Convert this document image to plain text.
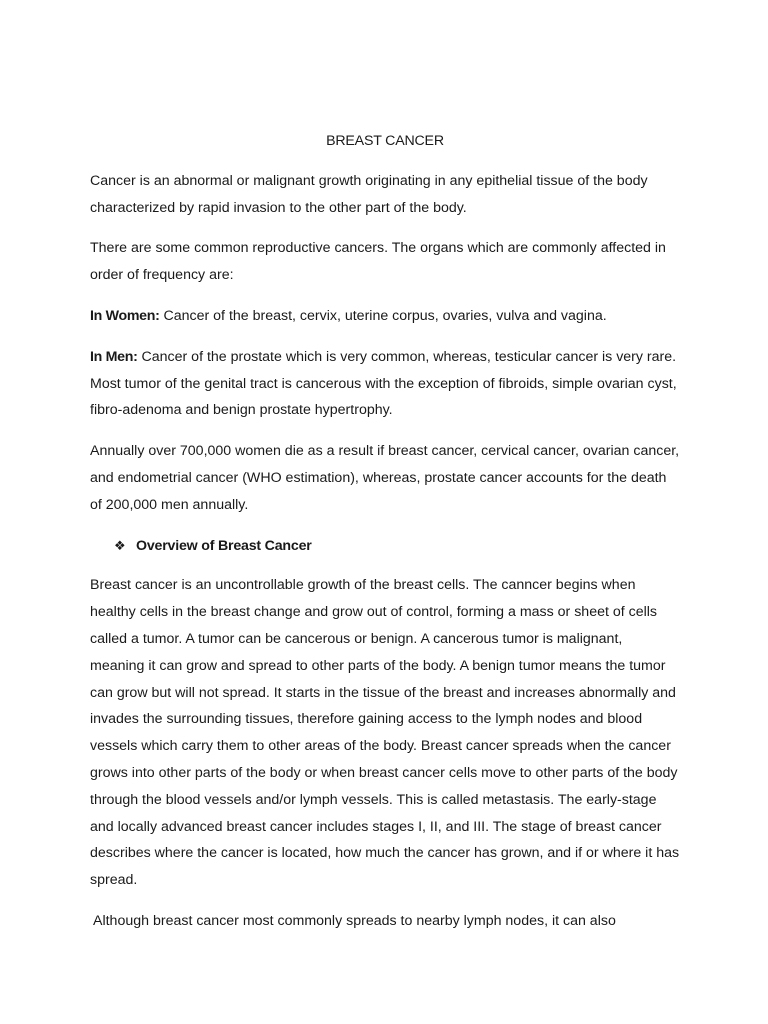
BREAST CANCER

Cancer is an abnormal or malignant growth originating in any epithelial tissue of the body characterized by rapid invasion to the other part of the body.

There are some common reproductive cancers. The organs which are commonly affected in order of frequency are:

In Women: Cancer of the breast, cervix, uterine corpus, ovaries, vulva and vagina.

In Men: Cancer of the prostate which is very common, whereas, testicular cancer is very rare. Most tumor of the genital tract is cancerous with the exception of fibroids, simple ovarian cyst, fibro-adenoma and benign prostate hypertrophy.

Annually over 700,000 women die as a result if breast cancer, cervical cancer, ovarian cancer, and endometrial cancer (WHO estimation), whereas, prostate cancer accounts for the death of 200,000 men annually.

❖ Overview of Breast Cancer

Breast cancer is an uncontrollable growth of the breast cells. The canncer begins when healthy cells in the breast change and grow out of control, forming a mass or sheet of cells called a tumor. A tumor can be cancerous or benign. A cancerous tumor is malignant, meaning it can grow and spread to other parts of the body. A benign tumor means the tumor can grow but will not spread. It starts in the tissue of the breast and increases abnormally and invades the surrounding tissues, therefore gaining access to the lymph nodes and blood vessels which carry them to other areas of the body. Breast cancer spreads when the cancer grows into other parts of the body or when breast cancer cells move to other parts of the body through the blood vessels and/or lymph vessels. This is called metastasis. The early-stage and locally advanced breast cancer includes stages I, II, and III. The stage of breast cancer describes where the cancer is located, how much the cancer has grown, and if or where it has spread.

Although breast cancer most commonly spreads to nearby lymph nodes, it can also
